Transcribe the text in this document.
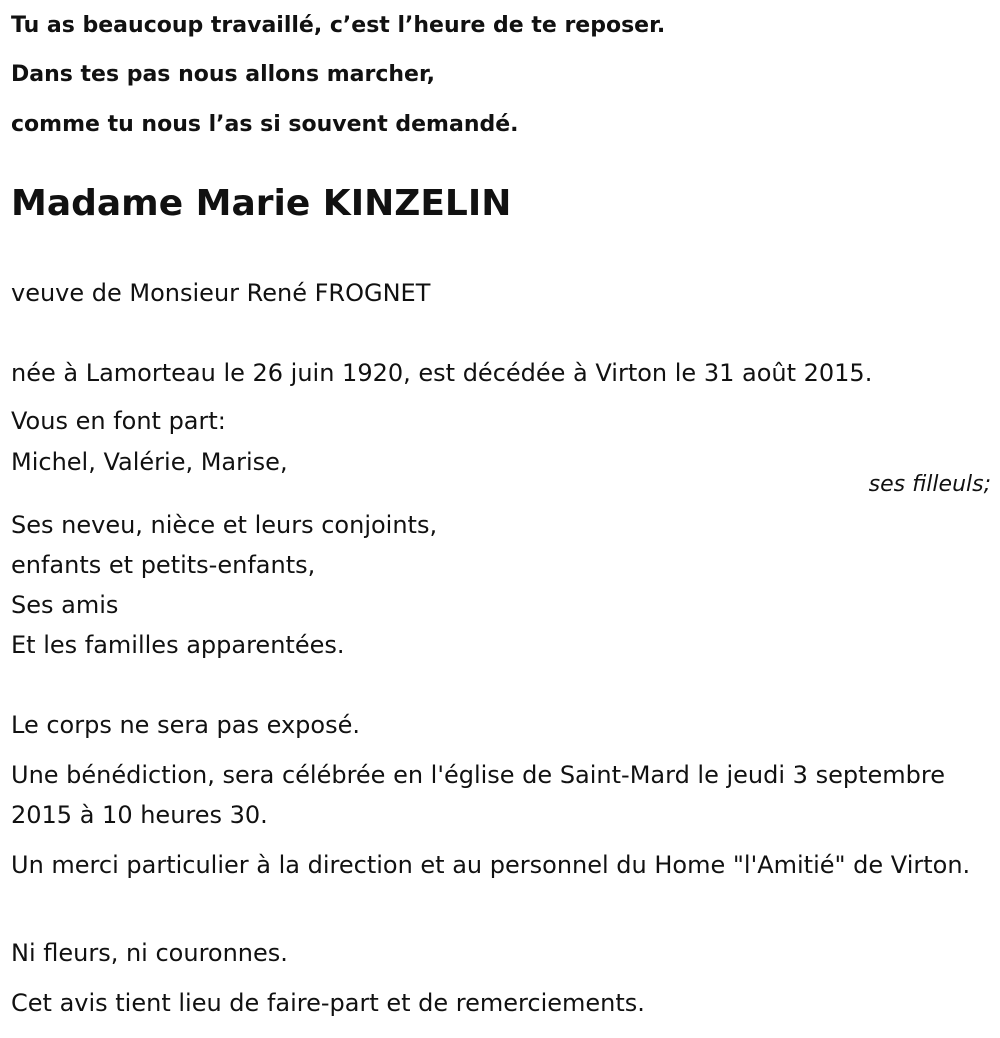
Tu as beaucoup travaillé, c’est l’heure de te reposer.
Dans tes pas nous allons marcher,
comme tu nous l’as si souvent demandé.
Madame Marie KINZELIN
veuve de Monsieur René FROGNET
née à Lamorteau le 26 juin 1920, est décédée à Virton le 31 août 2015.
Vous en font part:
Michel, Valérie, Marise,
ses filleuls;
Ses neveu, nièce et leurs conjoints,
enfants et petits-enfants,
Ses amis
Et les familles apparentées.
Le corps ne sera pas exposé.
Une bénédiction, sera célébrée en l'église de Saint-Mard le jeudi 3 septembre 2015 à 10 heures 30.
Un merci particulier à la direction et au personnel du Home "l'Amitié" de Virton.
Ni fleurs, ni couronnes.
Cet avis tient lieu de faire-part et de remerciements.
